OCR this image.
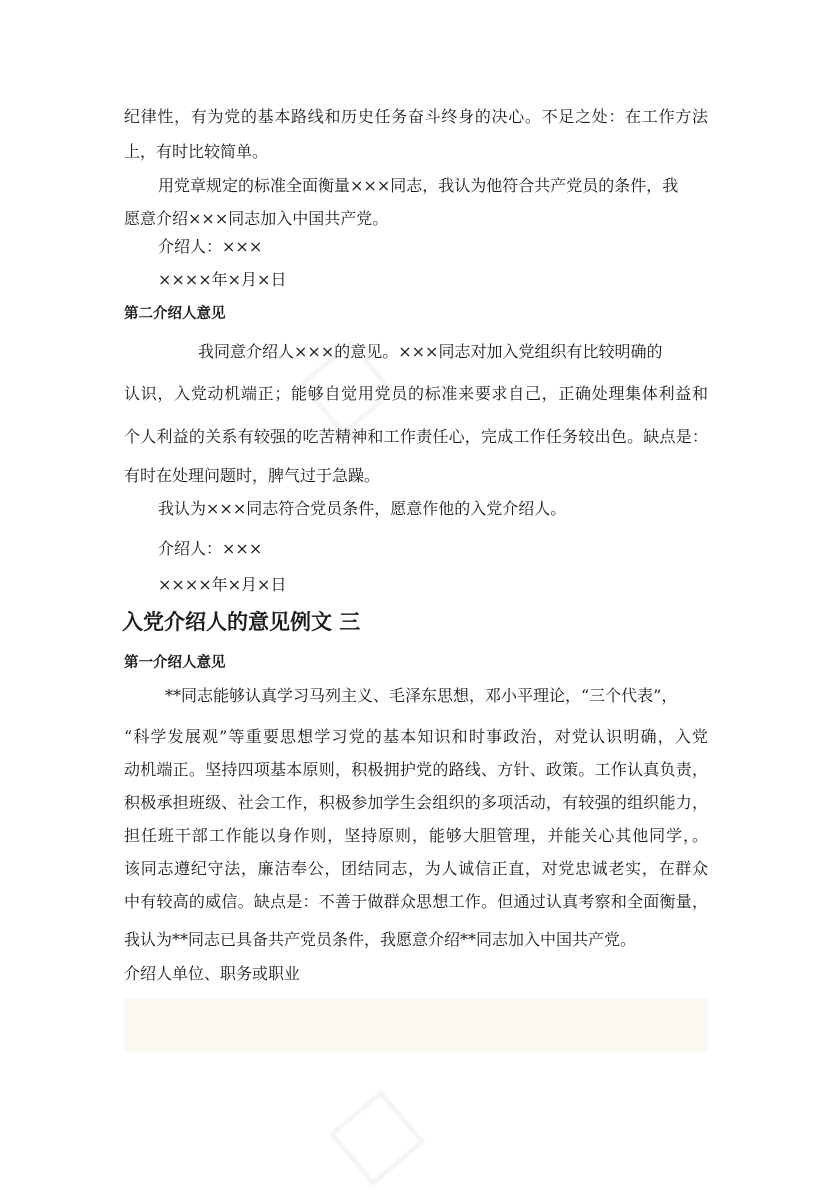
□
□
纪律性，有为党的基本路线和历史任务奋斗终身的决心。不足之处：在工作方法
上，有时比较简单。
用党章规定的标准全面衡量×××同志，我认为他符合共产党员的条件，我
愿意介绍×××同志加入中国共产党。
介绍人：×××
××××年×月×日
第二介绍人意见
我同意介绍人×××的意见。×××同志对加入党组织有比较明确的
认识，入党动机端正；能够自觉用党员的标准来要求自己，正确处理集体利益和
个人利益的关系有较强的吃苦精神和工作责任心，完成工作任务较出色。缺点是：
有时在处理问题时，脾气过于急躁。
我认为×××同志符合党员条件，愿意作他的入党介绍人。
介绍人：×××
××××年×月×日
入党介绍人的意见例文 三
第一介绍人意见
**同志能够认真学习马列主义、毛泽东思想，邓小平理论，“三个代表”，
“科学发展观”等重要思想学习党的基本知识和时事政治，对党认识明确，入党
动机端正。坚持四项基本原则，积极拥护党的路线、方针、政策。工作认真负责，
积极承担班级、社会工作，积极参加学生会组织的多项活动，有较强的组织能力，
担任班干部工作能以身作则，坚持原则，能够大胆管理，并能关心其他同学，。
该同志遵纪守法，廉洁奉公，团结同志，为人诚信正直，对党忠诚老实，在群众
中有较高的威信。缺点是：不善于做群众思想工作。但通过认真考察和全面衡量，
我认为**同志已具备共产党员条件，我愿意介绍**同志加入中国共产党。
介绍人单位、职务或职业
